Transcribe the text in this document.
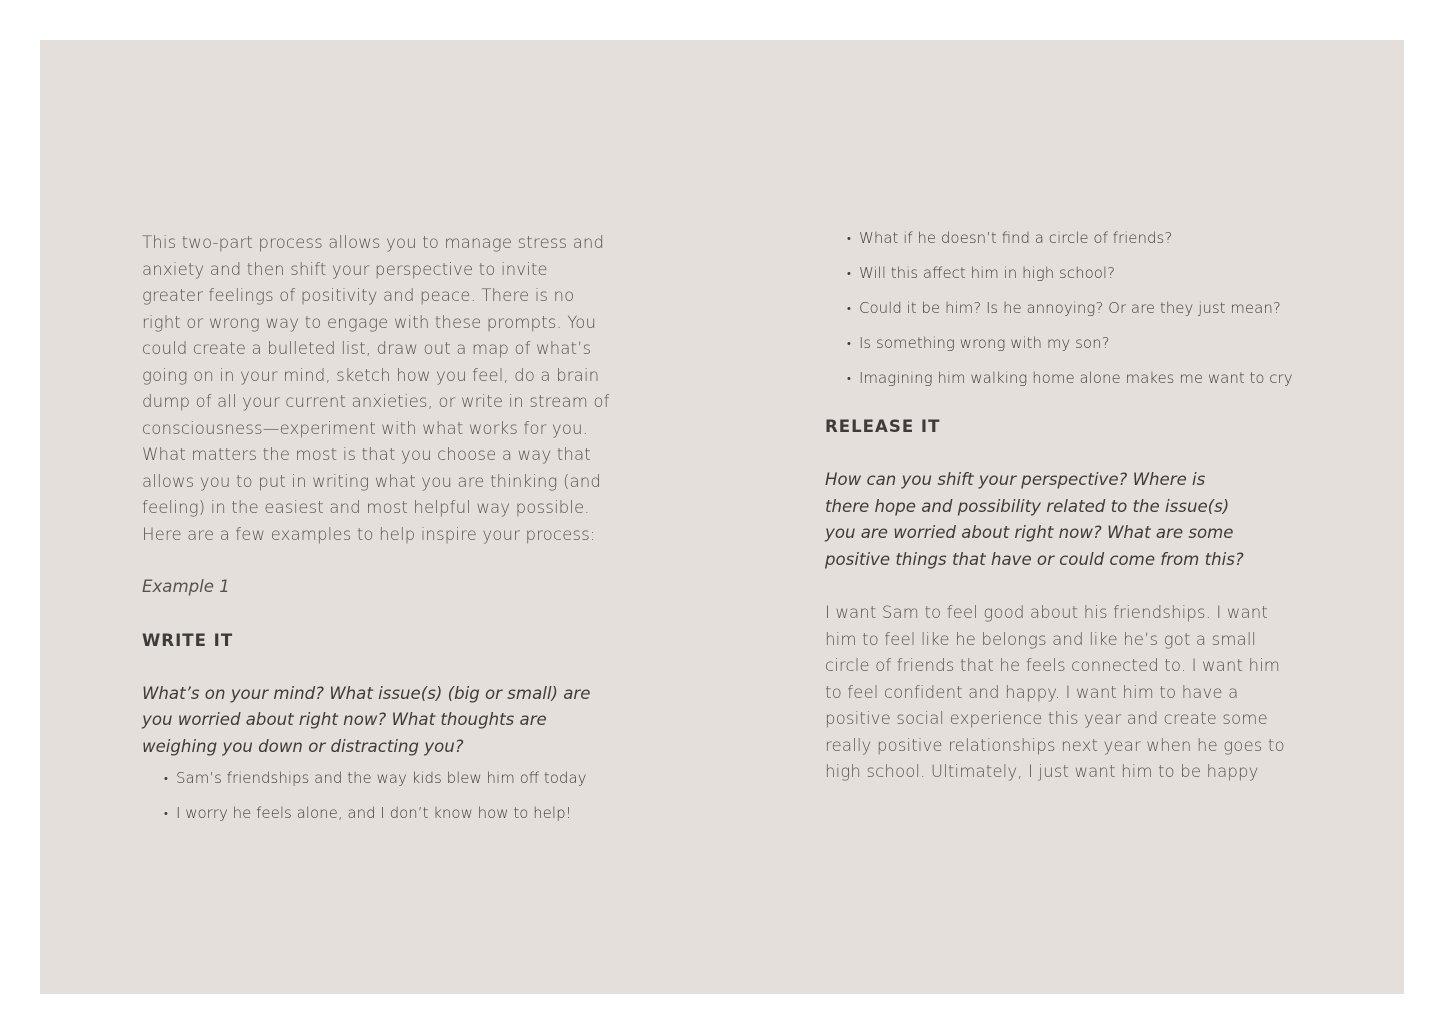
This two-part process allows you to manage stress and anxiety and then shift your perspective to invite greater feelings of positivity and peace. There is no right or wrong way to engage with these prompts. You could create a bulleted list, draw out a map of what’s going on in your mind, sketch how you feel, do a brain dump of all your current anxieties, or write in stream of consciousness—experiment with what works for you. What matters the most is that you choose a way that allows you to put in writing what you are thinking (and feeling) in the easiest and most helpful way possible. Here are a few examples to help inspire your process:

Example 1

WRITE IT

What’s on your mind? What issue(s) (big or small) are you worried about right now? What thoughts are weighing you down or distracting you?

• Sam’s friendships and the way kids blew him off today
• I worry he feels alone, and I don’t know how to help!
• What if he doesn’t find a circle of friends?
• Will this affect him in high school?
• Could it be him? Is he annoying? Or are they just mean?
• Is something wrong with my son?
• Imagining him walking home alone makes me want to cry
RELEASE IT

How can you shift your perspective? Where is there hope and possibility related to the issue(s) you are worried about right now? What are some positive things that have or could come from this?

I want Sam to feel good about his friendships. I want him to feel like he belongs and like he’s got a small circle of friends that he feels connected to. I want him to feel confident and happy. I want him to have a positive social experience this year and create some really positive relationships next year when he goes to high school. Ultimately, I just want him to be happy
